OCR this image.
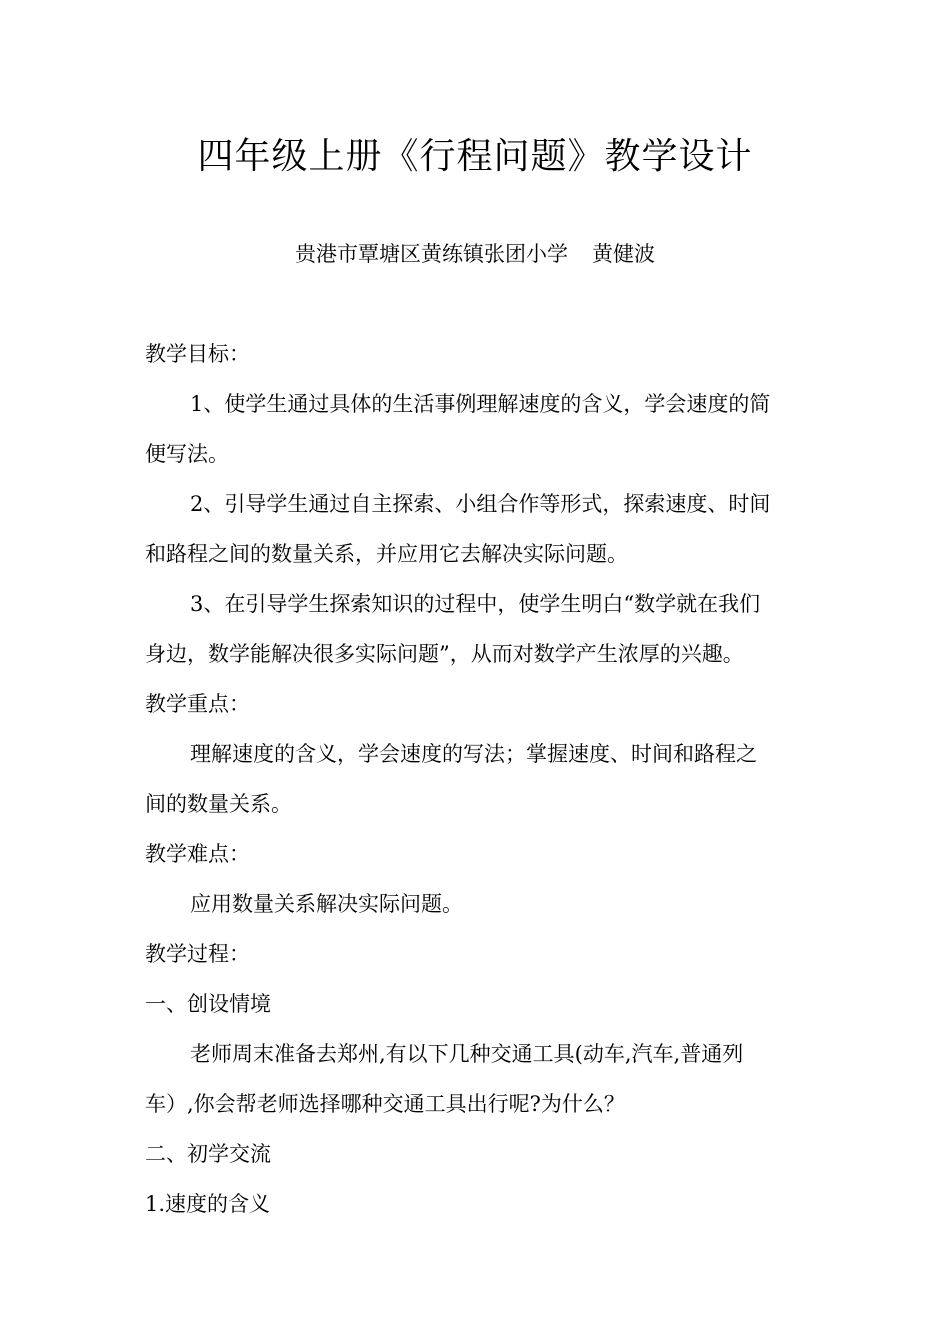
四年级上册《行程问题》教学设计
贵港市覃塘区黄练镇张团小学 黄健波
教学目标：
1、使学生通过具体的生活事例理解速度的含义，学会速度的简
便写法。
2、引导学生通过自主探索、小组合作等形式，探索速度、时间
和路程之间的数量关系，并应用它去解决实际问题。
3、在引导学生探索知识的过程中，使学生明白“数学就在我们
身边，数学能解决很多实际问题”，从而对数学产生浓厚的兴趣。
教学重点：
理解速度的含义，学会速度的写法；掌握速度、时间和路程之
间的数量关系。
教学难点：
应用数量关系解决实际问题。
教学过程：
一、创设情境
老师周末准备去郑州,有以下几种交通工具(动车,汽车,普通列
车）,你会帮老师选择哪种交通工具出行呢?为什么？
二、初学交流
1.速度的含义
